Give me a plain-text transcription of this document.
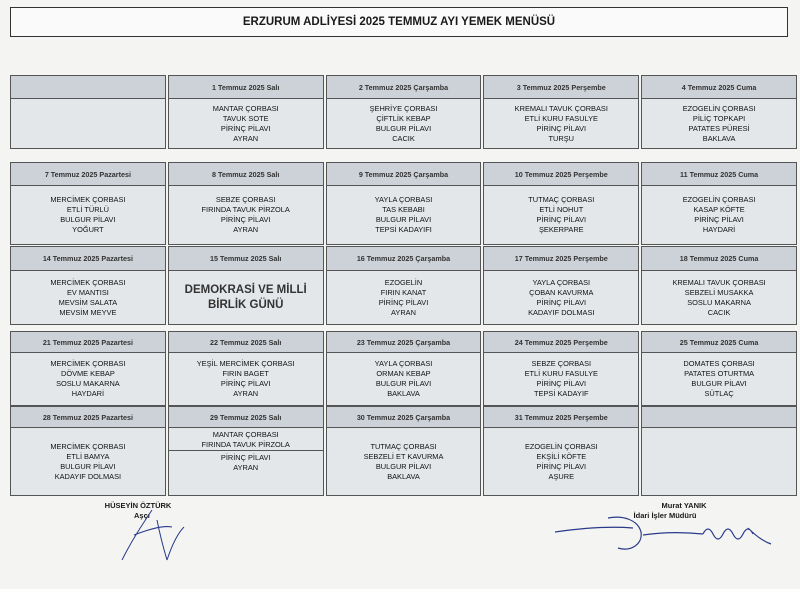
ERZURUM ADLİYESİ 2025 TEMMUZ AYI YEMEK MENÜSÜ
1 Temmuz 2025 Salı
MANTAR ÇORBASI
TAVUK SOTE
PİRİNÇ PİLAVI
AYRAN
2 Temmuz 2025 Çarşamba
ŞEHRİYE ÇORBASI
ÇİFTLİK KEBAP
BULGUR PİLAVI
CACIK
3 Temmuz 2025 Perşembe
KREMALI TAVUK ÇORBASI
ETLİ KURU FASULYE
PİRİNÇ PİLAVI
TURŞU
4 Temmuz 2025 Cuma
EZOGELİN ÇORBASI
PİLİÇ TOPKAPI
PATATES PÜRESİ
BAKLAVA
7 Temmuz 2025 Pazartesi
MERCİMEK ÇORBASI
ETLİ TÜRLÜ
BULGUR PİLAVI
YOĞURT
8 Temmuz 2025 Salı
SEBZE ÇORBASI
FIRINDA TAVUK PİRZOLA
PİRİNÇ PİLAVI
AYRAN
9 Temmuz 2025 Çarşamba
YAYLA ÇORBASI
TAS KEBABI
BULGUR PİLAVI
TEPSİ KADAYIFI
10 Temmuz 2025 Perşembe
TUTMAÇ ÇORBASI
ETLİ NOHUT
PİRİNÇ PİLAVI
ŞEKERPARE
11 Temmuz 2025 Cuma
EZOGELİN ÇORBASI
KASAP KÖFTE
PİRİNÇ PİLAVI
HAYDARİ
14 Temmuz 2025 Pazartesi
MERCİMEK ÇORBASI
EV MANTISI
MEVSİM SALATA
MEVSİM MEYVE
15 Temmuz 2025 Salı
DEMOKRASİ VE MİLLİ
BİRLİK GÜNÜ
16 Temmuz 2025 Çarşamba
EZOGELİN
FIRIN KANAT
PİRİNÇ PİLAVI
AYRAN
17 Temmuz 2025 Perşembe
YAYLA ÇORBASI
ÇOBAN KAVURMA
PİRİNÇ PİLAVI
KADAYIF DOLMASI
18 Temmuz 2025 Cuma
KREMALI TAVUK ÇORBASI
SEBZELİ MUSAKKA
SOSLU MAKARNA
CACIK
21 Temmuz 2025 Pazartesi
MERCİMEK ÇORBASI
DÖVME KEBAP
SOSLU MAKARNA
HAYDARİ
22 Temmuz 2025 Salı
YEŞİL MERCİMEK ÇORBASI
FIRIN BAGET
PİRİNÇ PİLAVI
AYRAN
23 Temmuz 2025 Çarşamba
YAYLA ÇORBASI
ORMAN KEBAP
BULGUR PİLAVI
BAKLAVA
24 Temmuz 2025 Perşembe
SEBZE ÇORBASI
ETLİ KURU FASULYE
PİRİNÇ PİLAVI
TEPSİ KADAYIF
25 Temmuz 2025 Cuma
DOMATES ÇORBASI
PATATES OTURTMA
BULGUR PİLAVI
SÜTLAÇ
28 Temmuz 2025 Pazartesi
MERCİMEK ÇORBASI
ETLİ BAMYA
BULGUR PİLAVI
KADAYIF DOLMASI
29 Temmuz 2025 Salı
MANTAR ÇORBASI
FIRINDA TAVUK PİRZOLA
PİRİNÇ PİLAVI
AYRAN
30 Temmuz 2025 Çarşamba
TUTMAÇ ÇORBASI
SEBZELİ ET KAVURMA
BULGUR PİLAVI
BAKLAVA
31 Temmuz 2025 Perşembe
EZOGELİN ÇORBASI
EKŞİLİ KÖFTE
PİRİNÇ PİLAVI
AŞURE
HÜSEYİN ÖZTÜRK
Aşçı
Murat YANIK
İdari İşler Müdürü
